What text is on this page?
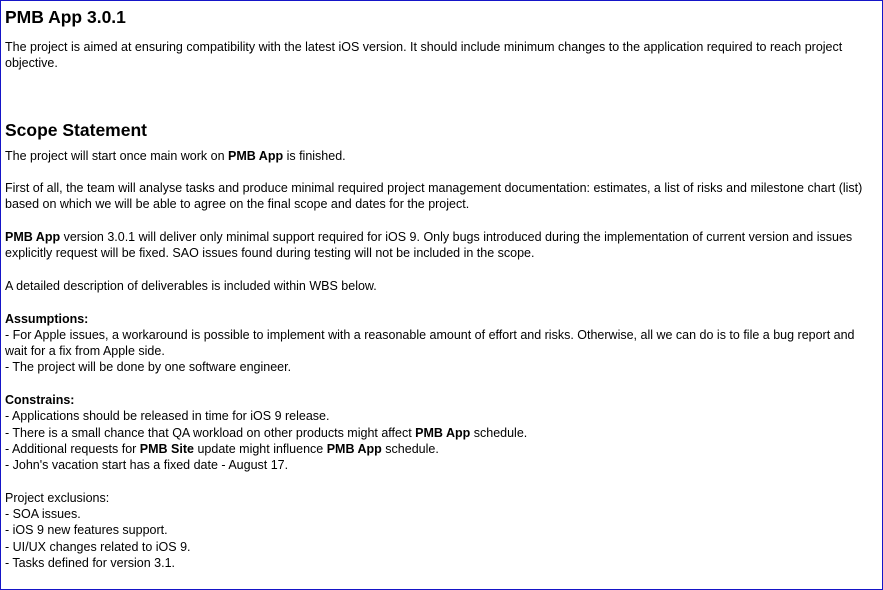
PMB App 3.0.1

The project is aimed at ensuring compatibility with the latest iOS version. It should include minimum changes to the application required to reach project objective.

Scope Statement

The project will start once main work on PMB App is finished.

First of all, the team will analyse tasks and produce minimal required project management documentation: estimates, a list of risks and milestone chart (list) based on which we will be able to agree on the final scope and dates for the project.

PMB App version 3.0.1 will deliver only minimal support required for iOS 9. Only bugs introduced during the implementation of current version and issues explicitly request will be fixed. SAO issues found during testing will not be included in the scope.

A detailed description of deliverables is included within WBS below.

Assumptions:

- For Apple issues, a workaround is possible to implement with a reasonable amount of effort and risks. Otherwise, all we can do is to file a bug report and wait for a fix from Apple side.

- The project will be done by one software engineer.

Constrains:

- Applications should be released in time for iOS 9 release.

- There is a small chance that QA workload on other products might affect PMB App schedule.

- Additional requests for PMB Site update might influence PMB App schedule.

- John's vacation start has a fixed date - August 17.

Project exclusions:

- SOA issues.

- iOS 9 new features support.

- UI/UX changes related to iOS 9.

- Tasks defined for version 3.1.
